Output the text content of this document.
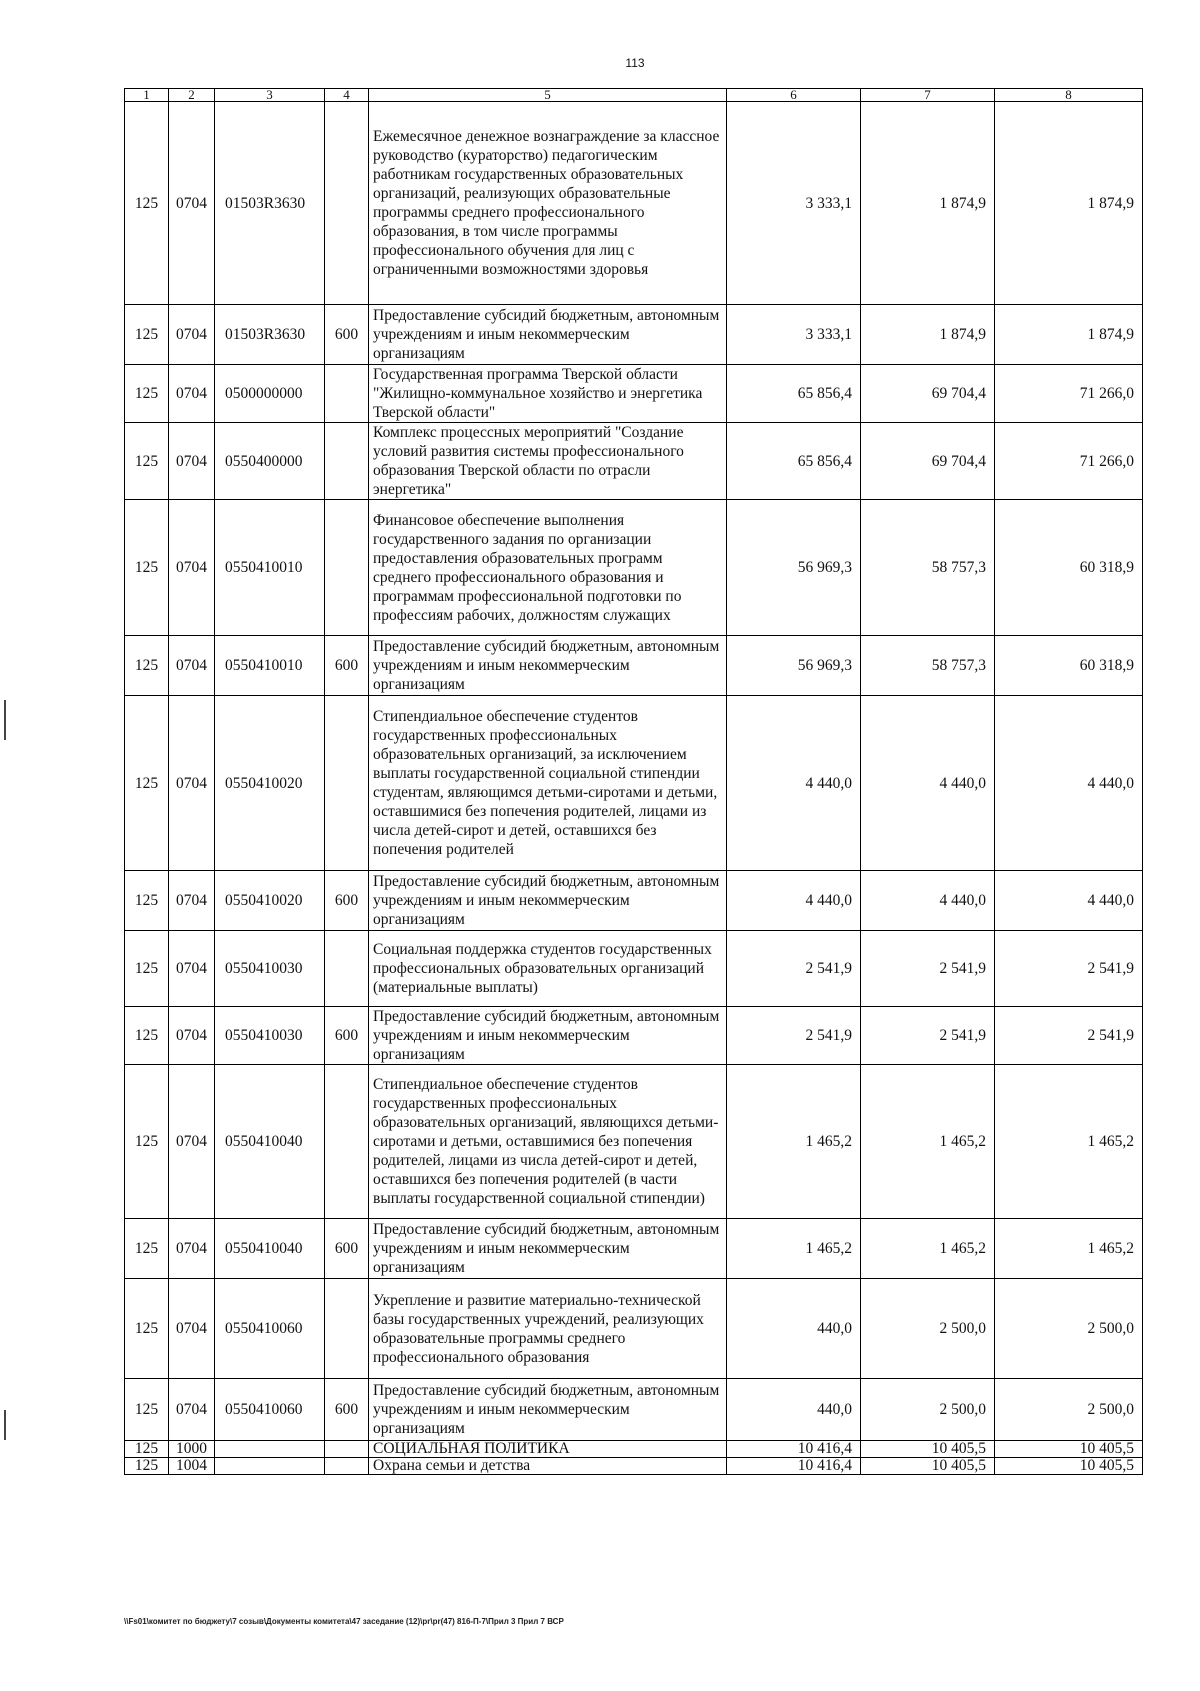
113
1	2	3	4	5	6	7	8
125	0704	01503R3630		Ежемесячное денежное вознаграждение за классное руководство (кураторство) педагогическим работникам государственных образовательных организаций, реализующих образовательные программы среднего профессионального образования, в том числе программы профессионального обучения для лиц с ограниченными возможностями здоровья	3 333,1	1 874,9	1 874,9
125	0704	01503R3630	600	Предоставление субсидий бюджетным, автономным учреждениям и иным некоммерческим организациям	3 333,1	1 874,9	1 874,9
125	0704	0500000000		Государственная программа Тверской области "Жилищно-коммунальное хозяйство и энергетика Тверской области"	65 856,4	69 704,4	71 266,0
125	0704	0550400000		Комплекс процессных мероприятий "Создание условий развития системы профессионального образования Тверской области по отрасли энергетика"	65 856,4	69 704,4	71 266,0
125	0704	0550410010		Финансовое обеспечение выполнения государственного задания по организации предоставления образовательных программ среднего профессионального образования и программам профессиональной подготовки по профессиям рабочих, должностям служащих	56 969,3	58 757,3	60 318,9
125	0704	0550410010	600	Предоставление субсидий бюджетным, автономным учреждениям и иным некоммерческим организациям	56 969,3	58 757,3	60 318,9
125	0704	0550410020		Стипендиальное обеспечение студентов государственных профессиональных образовательных организаций, за исключением выплаты государственной социальной стипендии студентам, являющимся детьми-сиротами и детьми, оставшимися без попечения родителей, лицами из числа детей-сирот и детей, оставшихся без попечения родителей	4 440,0	4 440,0	4 440,0
125	0704	0550410020	600	Предоставление субсидий бюджетным, автономным учреждениям и иным некоммерческим организациям	4 440,0	4 440,0	4 440,0
125	0704	0550410030		Социальная поддержка студентов государственных профессиональных образовательных организаций (материальные выплаты)	2 541,9	2 541,9	2 541,9
125	0704	0550410030	600	Предоставление субсидий бюджетным, автономным учреждениям и иным некоммерческим организациям	2 541,9	2 541,9	2 541,9
125	0704	0550410040		Стипендиальное обеспечение студентов государственных профессиональных образовательных организаций, являющихся детьми-сиротами и детьми, оставшимися без попечения родителей, лицами из числа детей-сирот и детей, оставшихся без попечения родителей (в части выплаты государственной социальной стипендии)	1 465,2	1 465,2	1 465,2
125	0704	0550410040	600	Предоставление субсидий бюджетным, автономным учреждениям и иным некоммерческим организациям	1 465,2	1 465,2	1 465,2
125	0704	0550410060		Укрепление и развитие материально-технической базы государственных учреждений, реализующих образовательные программы среднего профессионального образования	440,0	2 500,0	2 500,0
125	0704	0550410060	600	Предоставление субсидий бюджетным, автономным учреждениям и иным некоммерческим организациям	440,0	2 500,0	2 500,0
125	1000			СОЦИАЛЬНАЯ ПОЛИТИКА	10 416,4	10 405,5	10 405,5
125	1004			Охрана семьи и детства	10 416,4	10 405,5	10 405,5
\\Fs01\комитет по бюджету\7 созыв\Документы комитета\47 заседание (12)\pr\pr(47) 816-П-7\Прил 3 Прил 7 ВСР
